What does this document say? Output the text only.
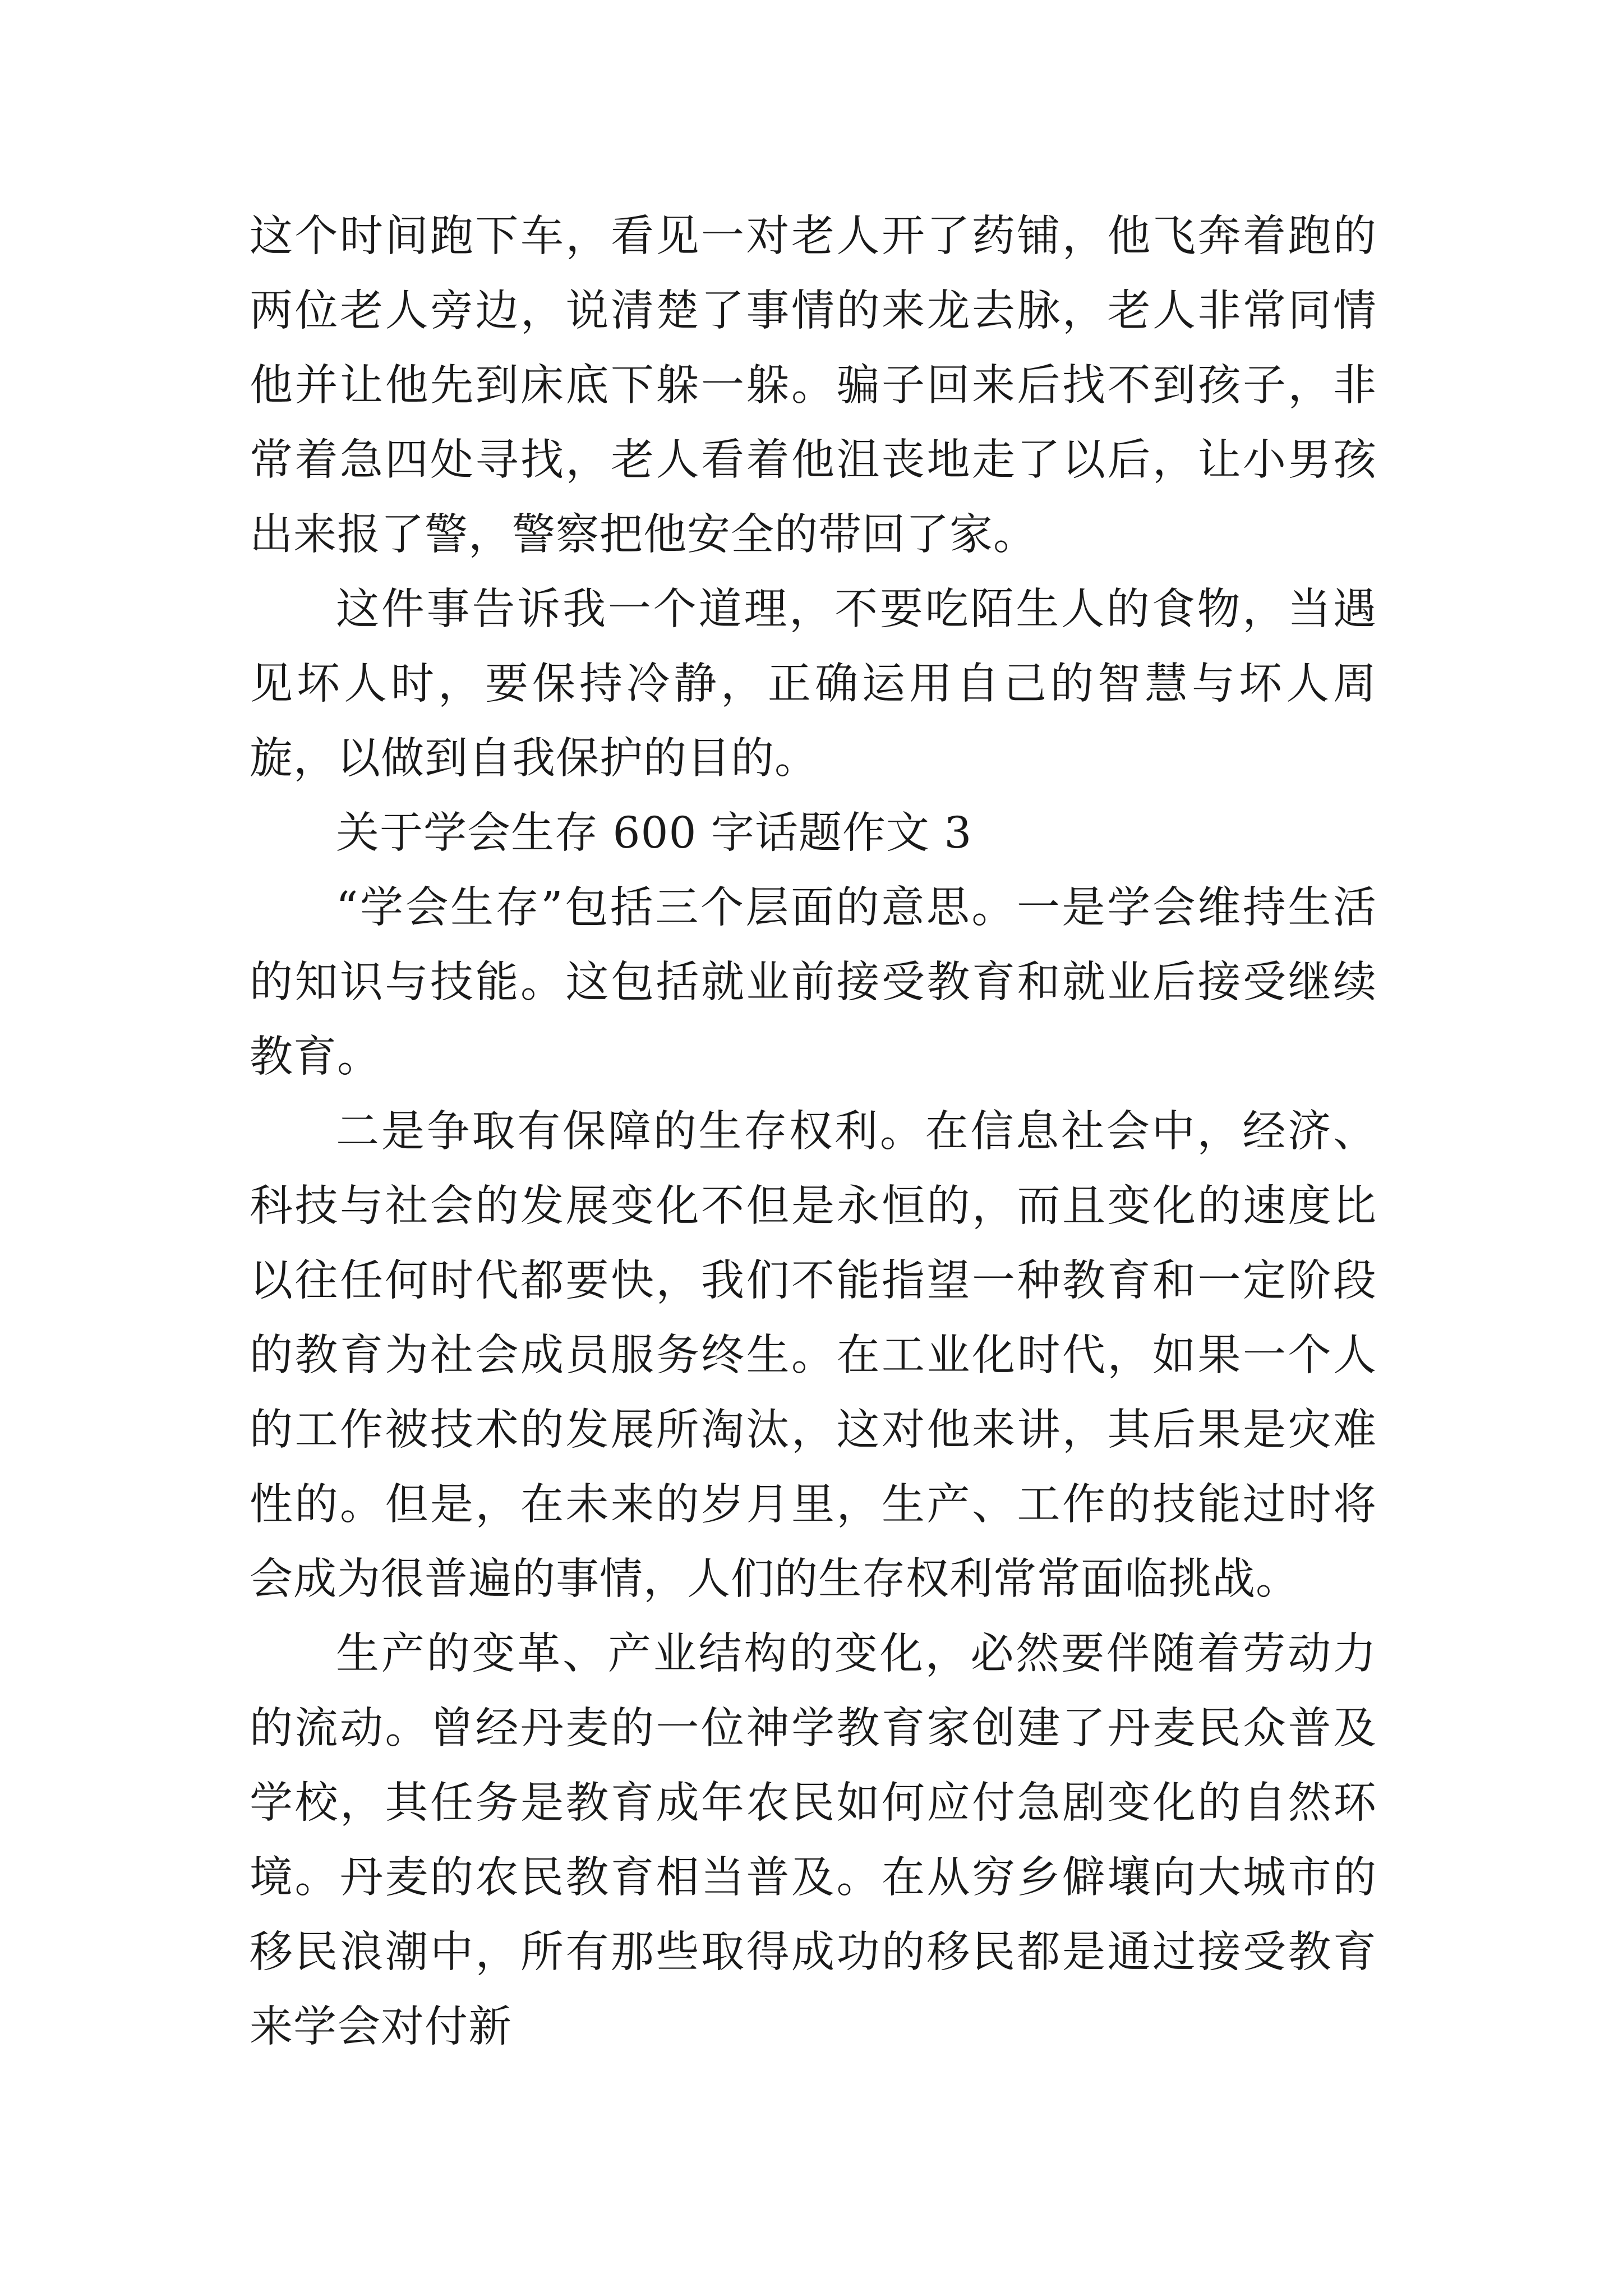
这个时间跑下车，看见一对老人开了药铺，他飞奔着跑的两位老人旁边，说清楚了事情的来龙去脉，老人非常同情他并让他先到床底下躲一躲。骗子回来后找不到孩子，非常着急四处寻找，老人看着他沮丧地走了以后，让小男孩出来报了警，警察把他安全的带回了家。

这件事告诉我一个道理，不要吃陌生人的食物，当遇见坏人时，要保持冷静，正确运用自己的智慧与坏人周旋，以做到自我保护的目的。

关于学会生存 600 字话题作文 3

“学会生存”包括三个层面的意思。一是学会维持生活的知识与技能。这包括就业前接受教育和就业后接受继续教育。

二是争取有保障的生存权利。在信息社会中，经济、科技与社会的发展变化不但是永恒的，而且变化的速度比以往任何时代都要快，我们不能指望一种教育和一定阶段的教育为社会成员服务终生。在工业化时代，如果一个人的工作被技术的发展所淘汰，这对他来讲，其后果是灾难性的。但是，在未来的岁月里，生产、工作的技能过时将会成为很普遍的事情，人们的生存权利常常面临挑战。

生产的变革、产业结构的变化，必然要伴随着劳动力的流动。曾经丹麦的一位神学教育家创建了丹麦民众普及学校，其任务是教育成年农民如何应付急剧变化的自然环境。丹麦的农民教育相当普及。在从穷乡僻壤向大城市的移民浪潮中，所有那些取得成功的移民都是通过接受教育来学会对付新
